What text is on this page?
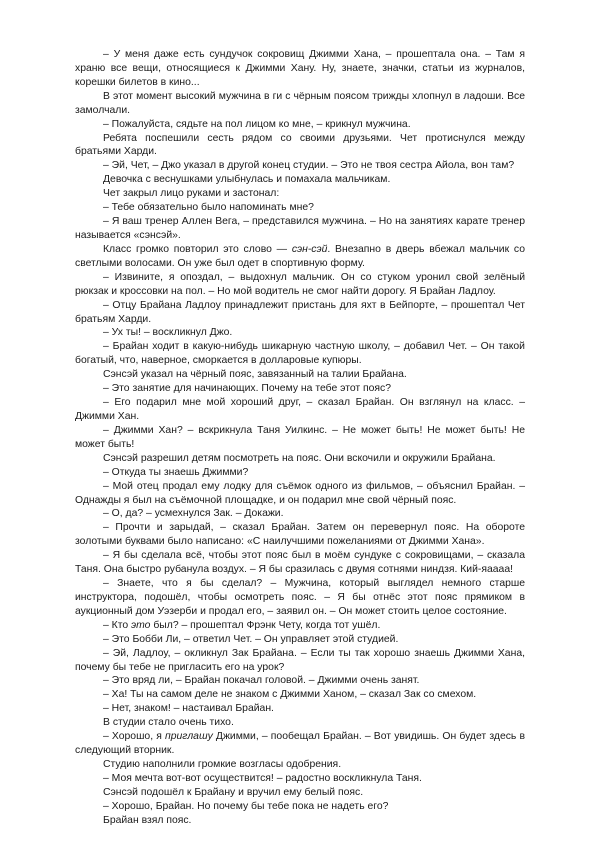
– У меня даже есть сундучок сокровищ Джимми Хана, – прошептала она. – Там я храню все вещи, относящиеся к Джимми Хану. Ну, знаете, значки, статьи из журналов, корешки билетов в кино...

В этот момент высокий мужчина в ги с чёрным поясом трижды хлопнул в ладоши. Все замолчали.

– Пожалуйста, сядьте на пол лицом ко мне, – крикнул мужчина.

Ребята поспешили сесть рядом со своими друзьями. Чет протиснулся между братьями Харди.

– Эй, Чет, – Джо указал в другой конец студии. – Это не твоя сестра Айола, вон там?

Девочка с веснушками улыбнулась и помахала мальчикам.

Чет закрыл лицо руками и застонал:

– Тебе обязательно было напоминать мне?

– Я ваш тренер Аллен Вега, – представился мужчина. – Но на занятиях карате тренер называется «сэнсэй».

Класс громко повторил это слово — сэн-сэй. Внезапно в дверь вбежал мальчик со светлыми волосами. Он уже был одет в спортивную форму.

– Извините, я опоздал, – выдохнул мальчик. Он со стуком уронил свой зелёный рюкзак и кроссовки на пол. – Но мой водитель не смог найти дорогу. Я Брайан Ладлоу.

– Отцу Брайана Ладлоу принадлежит пристань для яхт в Бейпорте, – прошептал Чет братьям Харди.

– Ух ты! – воскликнул Джо.

– Брайан ходит в какую-нибудь шикарную частную школу, – добавил Чет. – Он такой богатый, что, наверное, сморкается в долларовые купюры.

Сэнсэй указал на чёрный пояс, завязанный на талии Брайана.

– Это занятие для начинающих. Почему на тебе этот пояс?

– Его подарил мне мой хороший друг, – сказал Брайан. Он взглянул на класс. – Джимми Хан.

– Джимми Хан? – вскрикнула Таня Уилкинс. – Не может быть! Не может быть! Не может быть!

Сэнсэй разрешил детям посмотреть на пояс. Они вскочили и окружили Брайана.

– Откуда ты знаешь Джимми?

– Мой отец продал ему лодку для съёмок одного из фильмов, – объяснил Брайан. – Однажды я был на съёмочной площадке, и он подарил мне свой чёрный пояс.

– О, да? – усмехнулся Зак. – Докажи.

– Прочти и зарыдай, – сказал Брайан. Затем он перевернул пояс. На обороте золотыми буквами было написано: «С наилучшими пожеланиями от Джимми Хана».

– Я бы сделала всё, чтобы этот пояс был в моём сундуке с сокровищами, – сказала Таня. Она быстро рубанула воздух. – Я бы сразилась с двумя сотнями ниндзя. Кий-яаааа!

– Знаете, что я бы сделал? – Мужчина, который выглядел немного старше инструктора, подошёл, чтобы осмотреть пояс. – Я бы отнёс этот пояс прямиком в аукционный дом Уэзерби и продал его, – заявил он. – Он может стоить целое состояние.

– Кто это был? – прошептал Фрэнк Чету, когда тот ушёл.

– Это Бобби Ли, – ответил Чет. – Он управляет этой студией.

– Эй, Ладлоу, – окликнул Зак Брайана. – Если ты так хорошо знаешь Джимми Хана, почему бы тебе не пригласить его на урок?

– Это вряд ли, – Брайан покачал головой. – Джимми очень занят.

– Ха! Ты на самом деле не знаком с Джимми Ханом, – сказал Зак со смехом.

– Нет, знаком! – настаивал Брайан.

В студии стало очень тихо.

– Хорошо, я приглашу Джимми, – пообещал Брайан. – Вот увидишь. Он будет здесь в следующий вторник.

Студию наполнили громкие возгласы одобрения.

– Моя мечта вот-вот осуществится! – радостно воскликнула Таня.

Сэнсэй подошёл к Брайану и вручил ему белый пояс.

– Хорошо, Брайан. Но почему бы тебе пока не надеть его?

Брайан взял пояс.
